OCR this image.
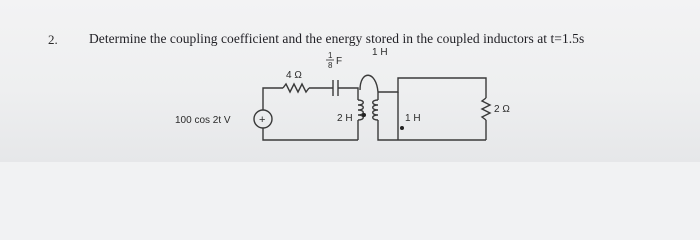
2. Determine the coupling coefficient and the energy stored in the coupled inductors at t=1.5s
+
100 cos 2t V
4 Ω
1
8 F
1 H
2 H	1 H
2 Ω
